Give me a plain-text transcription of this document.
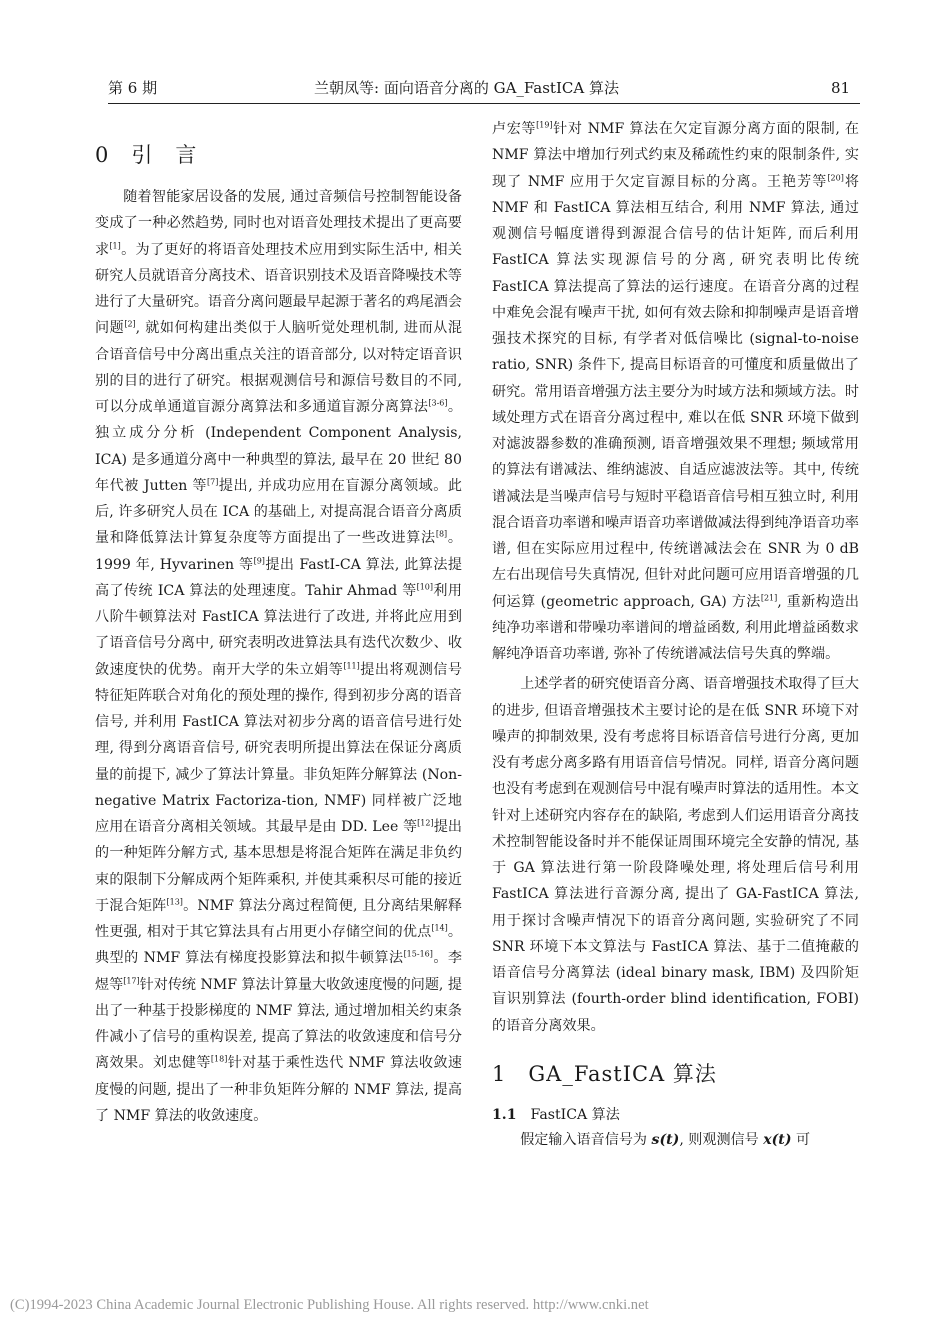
第 6 期	兰朝凤等: 面向语音分离的 GA_FastICA 算法	81
0 引　言

随着智能家居设备的发展, 通过音频信号控制智能设备变成了一种必然趋势, 同时也对语音处理技术提出了更高要求[1]。为了更好的将语音处理技术应用到实际生活中, 相关研究人员就语音分离技术、语音识别技术及语音降噪技术等进行了大量研究。语音分离问题最早起源于著名的鸡尾酒会问题[2], 就如何构建出类似于人脑听觉处理机制, 进而从混合语音信号中分离出重点关注的语音部分, 以对特定语音识别的目的进行了研究。根据观测信号和源信号数目的不同, 可以分成单通道盲源分离算法和多通道盲源分离算法[3-6]。独立成分分析 (Independent Component Analysis, ICA) 是多通道分离中一种典型的算法, 最早在 20 世纪 80 年代被 Jutten 等[7]提出, 并成功应用在盲源分离领域。此后, 许多研究人员在 ICA 的基础上, 对提高混合语音分离质量和降低算法计算复杂度等方面提出了一些改进算法[8]。1999 年, Hyvarinen 等[9]提出 FastI-CA 算法, 此算法提高了传统 ICA 算法的处理速度。Tahir Ahmad 等[10]利用八阶牛顿算法对 FastICA 算法进行了改进, 并将此应用到了语音信号分离中, 研究表明改进算法具有迭代次数少、收敛速度快的优势。南开大学的朱立娟等[11]提出将观测信号特征矩阵联合对角化的预处理的操作, 得到初步分离的语音信号, 并利用 FastICA 算法对初步分离的语音信号进行处理, 得到分离语音信号, 研究表明所提出算法在保证分离质量的前提下, 减少了算法计算量。非负矩阵分解算法 (Non-negative Matrix Factoriza-tion, NMF) 同样被广泛地应用在语音分离相关领域。其最早是由 DD. Lee 等[12]提出的一种矩阵分解方式, 基本思想是将混合矩阵在满足非负约束的限制下分解成两个矩阵乘积, 并使其乘积尽可能的接近于混合矩阵[13]。NMF 算法分离过程简便, 且分离结果解释性更强, 相对于其它算法具有占用更小存储空间的优点[14]。典型的 NMF 算法有梯度投影算法和拟牛顿算法[15-16]。李煜等[17]针对传统 NMF 算法计算量大收敛速度慢的问题, 提出了一种基于投影梯度的 NMF 算法, 通过增加相关约束条件减小了信号的重构误差, 提高了算法的收敛速度和信号分离效果。刘忠健等[18]针对基于乘性迭代 NMF 算法收敛速度慢的问题, 提出了一种非负矩阵分解的 NMF 算法, 提高了 NMF 算法的收敛速度。

卢宏等[19]针对 NMF 算法在欠定盲源分离方面的限制, 在 NMF 算法中增加行列式约束及稀疏性约束的限制条件, 实现了 NMF 应用于欠定盲源目标的分离。王艳芳等[20]将 NMF 和 FastICA 算法相互结合, 利用 NMF 算法, 通过观测信号幅度谱得到源混合信号的估计矩阵, 而后利用 FastICA 算法实现源信号的分离, 研究表明比传统 FastICA 算法提高了算法的运行速度。在语音分离的过程中难免会混有噪声干扰, 如何有效去除和抑制噪声是语音增强技术探究的目标, 有学者对低信噪比 (signal-to-noise ratio, SNR) 条件下, 提高目标语音的可懂度和质量做出了研究。常用语音增强方法主要分为时域方法和频域方法。时域处理方式在语音分离过程中, 难以在低 SNR 环境下做到对滤波器参数的准确预测, 语音增强效果不理想; 频域常用的算法有谱减法、维纳滤波、自适应滤波法等。其中, 传统谱减法是当噪声信号与短时平稳语音信号相互独立时, 利用混合语音功率谱和噪声语音功率谱做减法得到纯净语音功率谱, 但在实际应用过程中, 传统谱减法会在 SNR 为 0 dB 左右出现信号失真情况, 但针对此问题可应用语音增强的几何运算 (geometric approach, GA) 方法[21], 重新构造出纯净功率谱和带噪功率谱间的增益函数, 利用此增益函数求解纯净语音功率谱, 弥补了传统谱减法信号失真的弊端。

上述学者的研究使语音分离、语音增强技术取得了巨大的进步, 但语音增强技术主要讨论的是在低 SNR 环境下对噪声的抑制效果, 没有考虑将目标语音信号进行分离, 更加没有考虑分离多路有用语音信号情况。同样, 语音分离问题也没有考虑到在观测信号中混有噪声时算法的适用性。本文针对上述研究内容存在的缺陷, 考虑到人们运用语音分离技术控制智能设备时并不能保证周围环境完全安静的情况, 基于 GA 算法进行第一阶段降噪处理, 将处理后信号利用 FastICA 算法进行音源分离, 提出了 GA-FastICA 算法, 用于探讨含噪声情况下的语音分离问题, 实验研究了不同 SNR 环境下本文算法与 FastICA 算法、基于二值掩蔽的语音信号分离算法 (ideal binary mask, IBM) 及四阶矩盲识别算法 (fourth-order blind identification, FOBI) 的语音分离效果。

1 GA_FastICA 算法
1.1 FastICA 算法

假定输入语音信号为 s(t), 则观测信号 x(t) 可

(C)1994-2023 China Academic Journal Electronic Publishing House. All rights reserved. http://www.cnki.net
